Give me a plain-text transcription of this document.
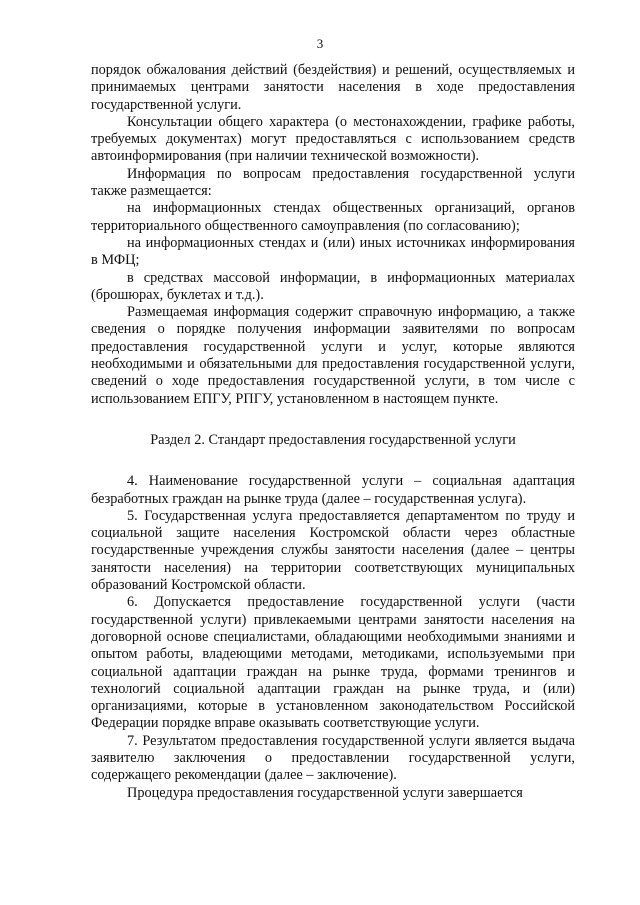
3

порядок обжалования действий (бездействия) и решений, осуществляемых и принимаемых центрами занятости населения в ходе предоставления государственной услуги.

Консультации общего характера (о местонахождении, графике работы, требуемых документах) могут предоставляться с использованием средств автоинформирования (при наличии технической возможности).

Информация по вопросам предоставления государственной услуги также размещается:

на информационных стендах общественных организаций, органов территориального общественного самоуправления (по согласованию);

на информационных стендах и (или) иных источниках информирования в МФЦ;

в средствах массовой информации, в информационных материалах (брошюрах, буклетах и т.д.).

Размещаемая информация содержит справочную информацию, а также сведения о порядке получения информации заявителями по вопросам предоставления государственной услуги и услуг, которые являются необходимыми и обязательными для предоставления государственной услуги, сведений о ходе предоставления государственной услуги, в том числе с использованием ЕПГУ, РПГУ, установленном в настоящем пункте.

Раздел 2. Стандарт предоставления государственной услуги

4. Наименование государственной услуги – социальная адаптация безработных граждан на рынке труда (далее – государственная услуга).

5. Государственная услуга предоставляется департаментом по труду и социальной защите населения Костромской области через областные государственные учреждения службы занятости населения (далее – центры занятости населения) на территории соответствующих муниципальных образований Костромской области.

6. Допускается предоставление государственной услуги (части государственной услуги) привлекаемыми центрами занятости населения на договорной основе специалистами, обладающими необходимыми знаниями и опытом работы, владеющими методами, методиками, используемыми при социальной адаптации граждан на рынке труда, формами тренингов и технологий социальной адаптации граждан на рынке труда, и (или) организациями, которые в установленном законодательством Российской Федерации порядке вправе оказывать соответствующие услуги.

7. Результатом предоставления государственной услуги является выдача заявителю заключения о предоставлении государственной услуги, содержащего рекомендации (далее – заключение).

Процедура предоставления государственной услуги завершается
